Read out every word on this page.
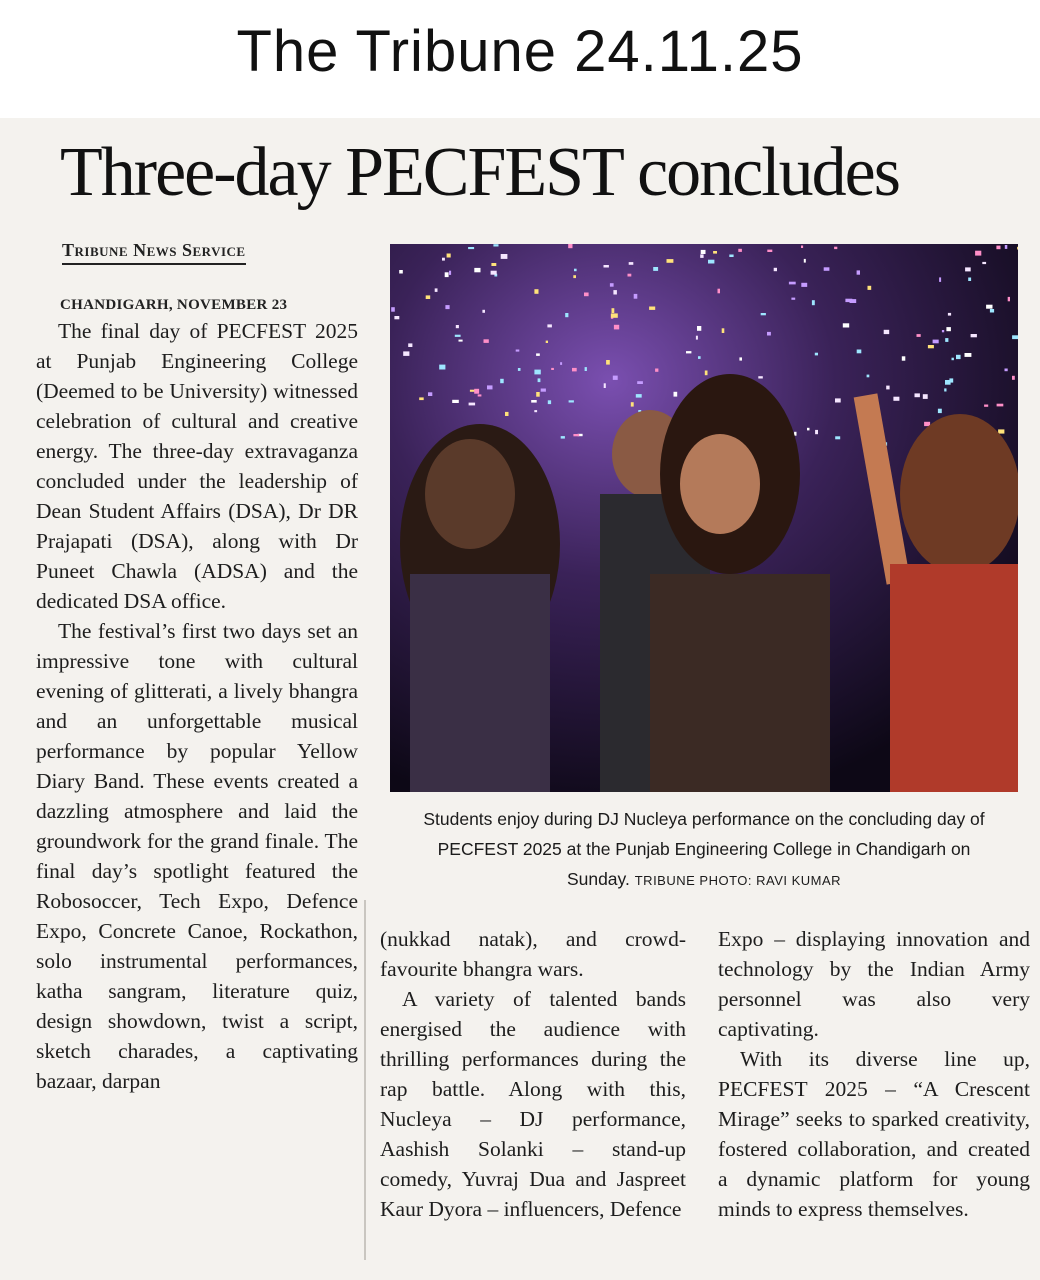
The Tribune 24.11.25
Three-day PECFEST concludes
Tribune News Service
CHANDIGARH, NOVEMBER 23

The final day of PECFEST 2025 at Punjab Engineering College (Deemed to be University) witnessed celebration of cultural and creative energy. The three-day extravaganza concluded under the leadership of Dean Student Affairs (DSA), Dr DR Prajapati (DSA), along with Dr Puneet Chawla (ADSA) and the dedicated DSA office.

The festival’s first two days set an impressive tone with cultural evening of glitterati, a lively bhangra and an unforgettable musical performance by popular Yellow Diary Band. These events created a dazzling atmosphere and laid the groundwork for the grand finale. The final day’s spotlight featured the Robosoccer, Tech Expo, Defence Expo, Concrete Canoe, Rockathon, solo instrumental performances, katha sangram, literature quiz, design showdown, twist a script, sketch charades, a captivating bazaar, darpan

Students enjoy during DJ Nucleya performance on the concluding day of PECFEST 2025 at the Punjab Engineering College in Chandigarh on Sunday. TRIBUNE PHOTO: RAVI KUMAR

(nukkad natak), and crowd-favourite bhangra wars.

A variety of talented bands energised the audience with thrilling performances during the rap battle. Along with this, Nucleya – DJ performance, Aashish Solanki – stand-up comedy, Yuvraj Dua and Jaspreet Kaur Dyora – influencers, Defence

Expo – displaying innovation and technology by the Indian Army personnel was also very captivating.

With its diverse line up, PECFEST 2025 – “A Crescent Mirage” seeks to sparked creativity, fostered collaboration, and created a dynamic platform for young minds to express themselves.
